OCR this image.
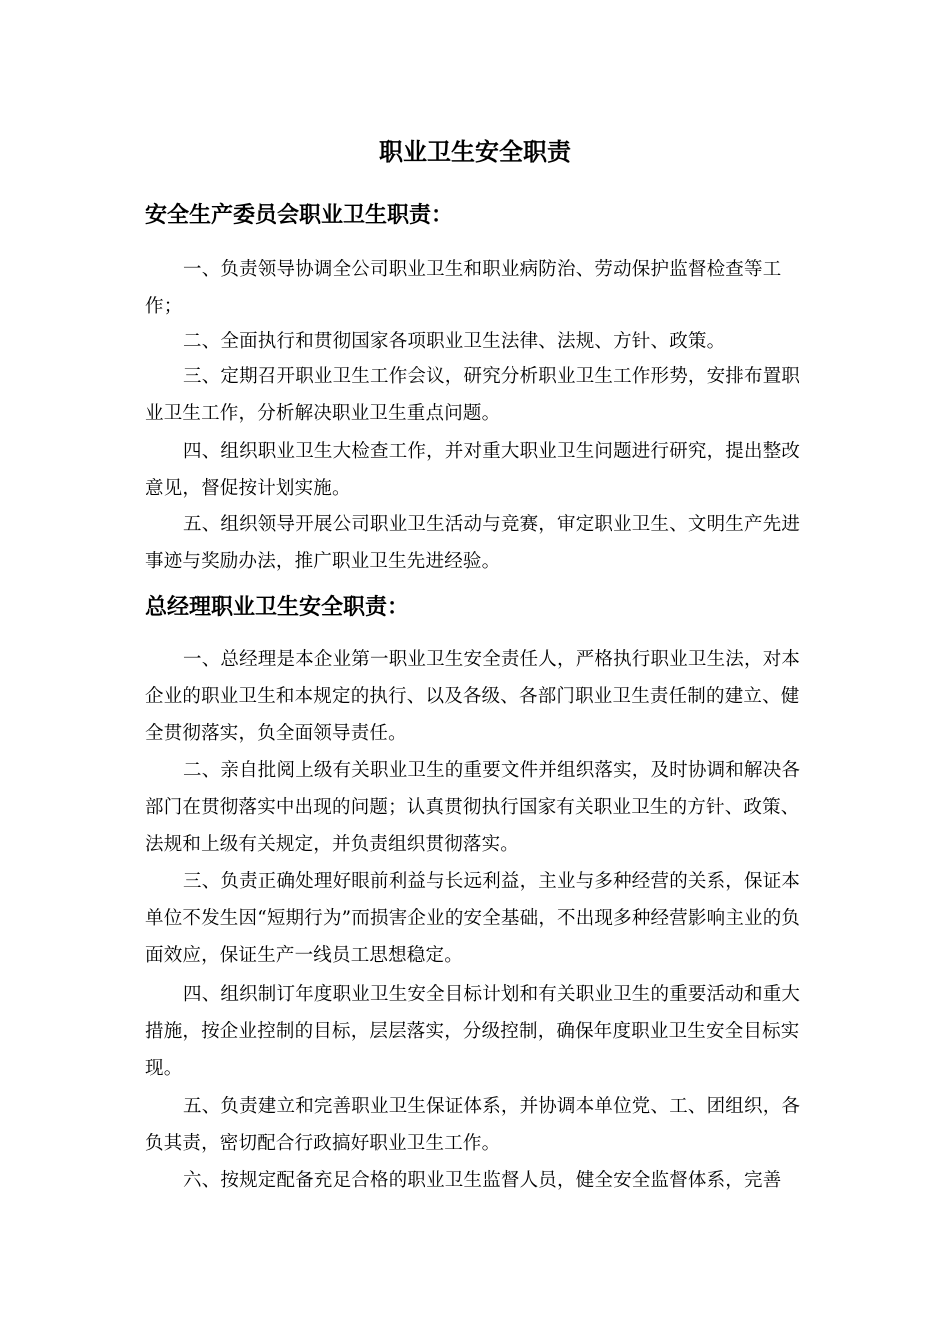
职业卫生安全职责
安全生产委员会职业卫生职责：

一、负责领导协调全公司职业卫生和职业病防治、劳动保护监督检查等工作；

二、全面执行和贯彻国家各项职业卫生法律、法规、方针、政策。

三、定期召开职业卫生工作会议，研究分析职业卫生工作形势，安排布置职业卫生工作，分析解决职业卫生重点问题。

四、组织职业卫生大检查工作，并对重大职业卫生问题进行研究，提出整改意见，督促按计划实施。

五、组织领导开展公司职业卫生活动与竞赛，审定职业卫生、文明生产先进事迹与奖励办法，推广职业卫生先进经验。

总经理职业卫生安全职责：

一、总经理是本企业第一职业卫生安全责任人，严格执行职业卫生法，对本企业的职业卫生和本规定的执行、以及各级、各部门职业卫生责任制的建立、健全贯彻落实，负全面领导责任。

二、亲自批阅上级有关职业卫生的重要文件并组织落实，及时协调和解决各部门在贯彻落实中出现的问题；认真贯彻执行国家有关职业卫生的方针、政策、法规和上级有关规定，并负责组织贯彻落实。

三、负责正确处理好眼前利益与长远利益，主业与多种经营的关系，保证本单位不发生因“短期行为”而损害企业的安全基础，不出现多种经营影响主业的负面效应，保证生产一线员工思想稳定。

四、组织制订年度职业卫生安全目标计划和有关职业卫生的重要活动和重大措施，按企业控制的目标，层层落实，分级控制，确保年度职业卫生安全目标实现。

五、负责建立和完善职业卫生保证体系，并协调本单位党、工、团组织，各负其责，密切配合行政搞好职业卫生工作。

六、按规定配备充足合格的职业卫生监督人员，健全安全监督体系，完善
